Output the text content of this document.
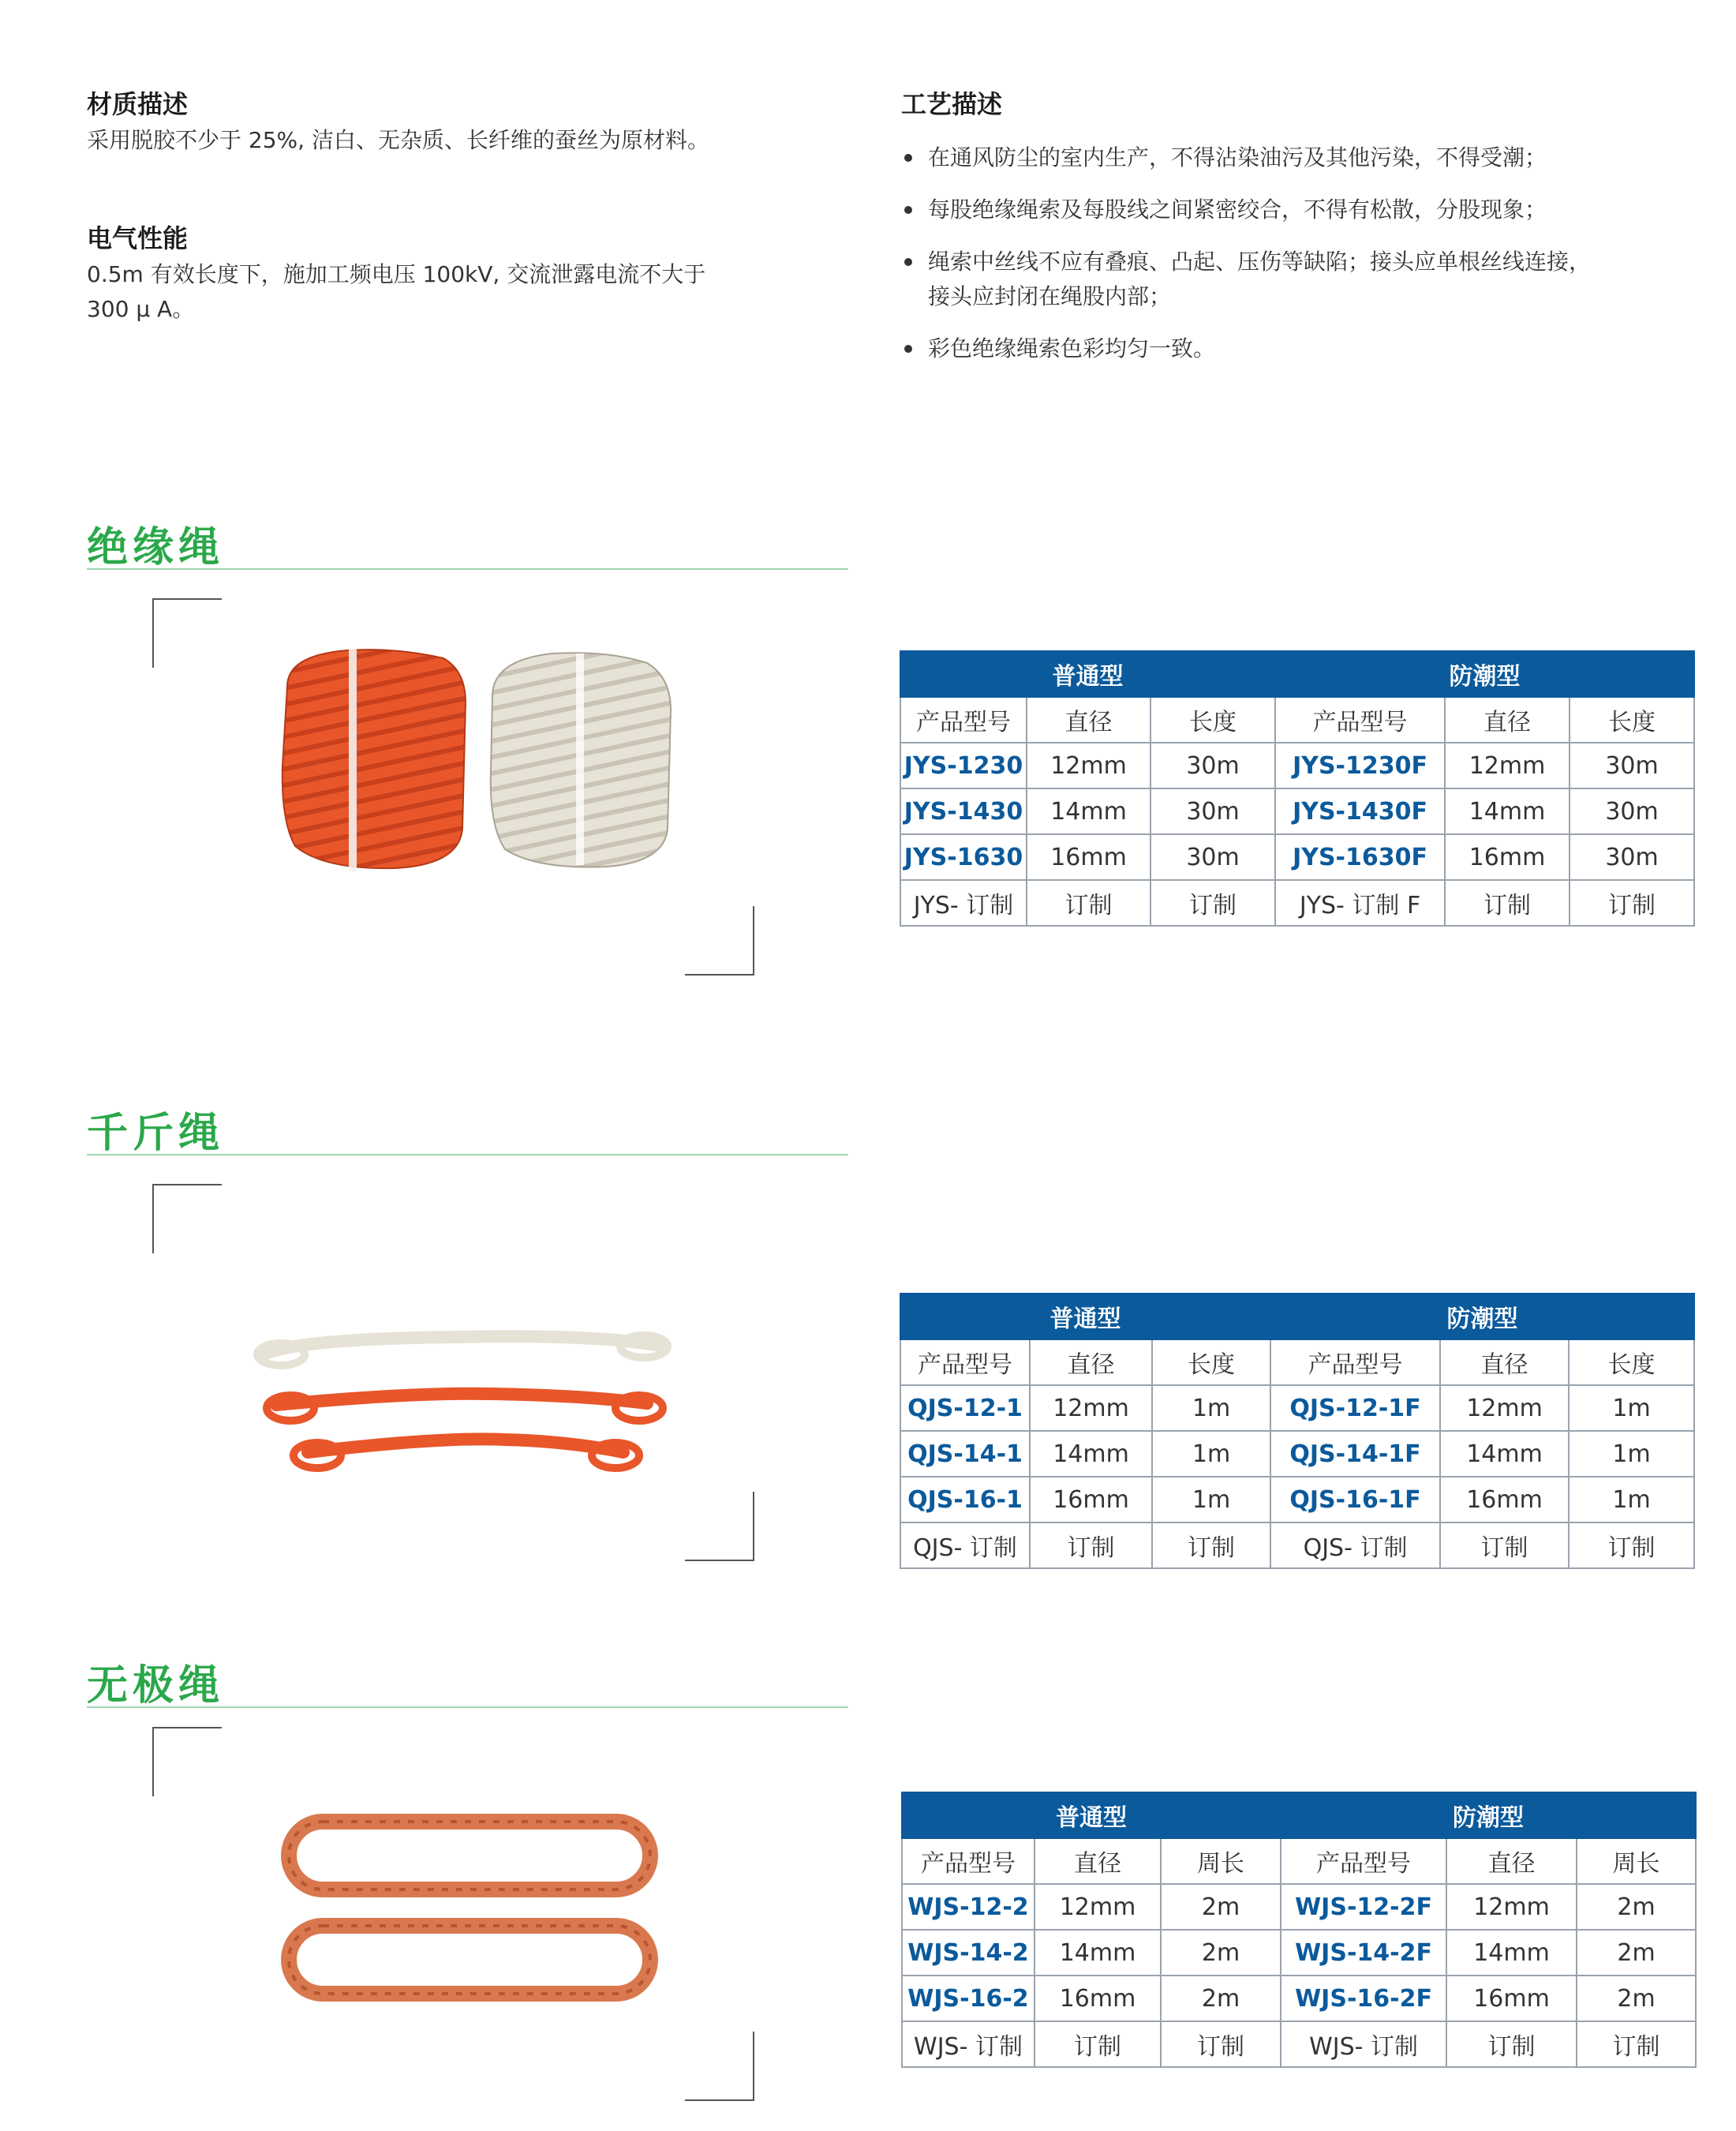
材质描述
采用脱胶不少于 25%, 洁白、无杂质、长纤维的蚕丝为原材料。
电气性能
0.5m 有效长度下，施加工频电压 100kV, 交流泄露电流不大于
300 μ A。
工艺描述
在通风防尘的室内生产，不得沾染油污及其他污染，不得受潮；
每股绝缘绳索及每股线之间紧密绞合，不得有松散，分股现象；
绳索中丝线不应有叠痕、凸起、压伤等缺陷；接头应单根丝线连接，
接头应封闭在绳股内部；
彩色绝缘绳索色彩均匀一致。
绝缘绳
普通型			防潮型		
产品型号	直径	长度	产品型号	直径	长度
JYS-1230	12mm	30m	JYS-1230F	12mm	30m
JYS-1430	14mm	30m	JYS-1430F	14mm	30m
JYS-1630	16mm	30m	JYS-1630F	16mm	30m
JYS- 订制	订制	订制	JYS- 订制 F	订制	订制
千斤绳
普通型			防潮型		
产品型号	直径	长度	产品型号	直径	长度
QJS-12-1	12mm	1m	QJS-12-1F	12mm	1m
QJS-14-1	14mm	1m	QJS-14-1F	14mm	1m
QJS-16-1	16mm	1m	QJS-16-1F	16mm	1m
QJS- 订制	订制	订制	QJS- 订制	订制	订制
无极绳
普通型			防潮型		
产品型号	直径	周长	产品型号	直径	周长
WJS-12-2	12mm	2m	WJS-12-2F	12mm	2m
WJS-14-2	14mm	2m	WJS-14-2F	14mm	2m
WJS-16-2	16mm	2m	WJS-16-2F	16mm	2m
WJS- 订制	订制	订制	WJS- 订制	订制	订制
